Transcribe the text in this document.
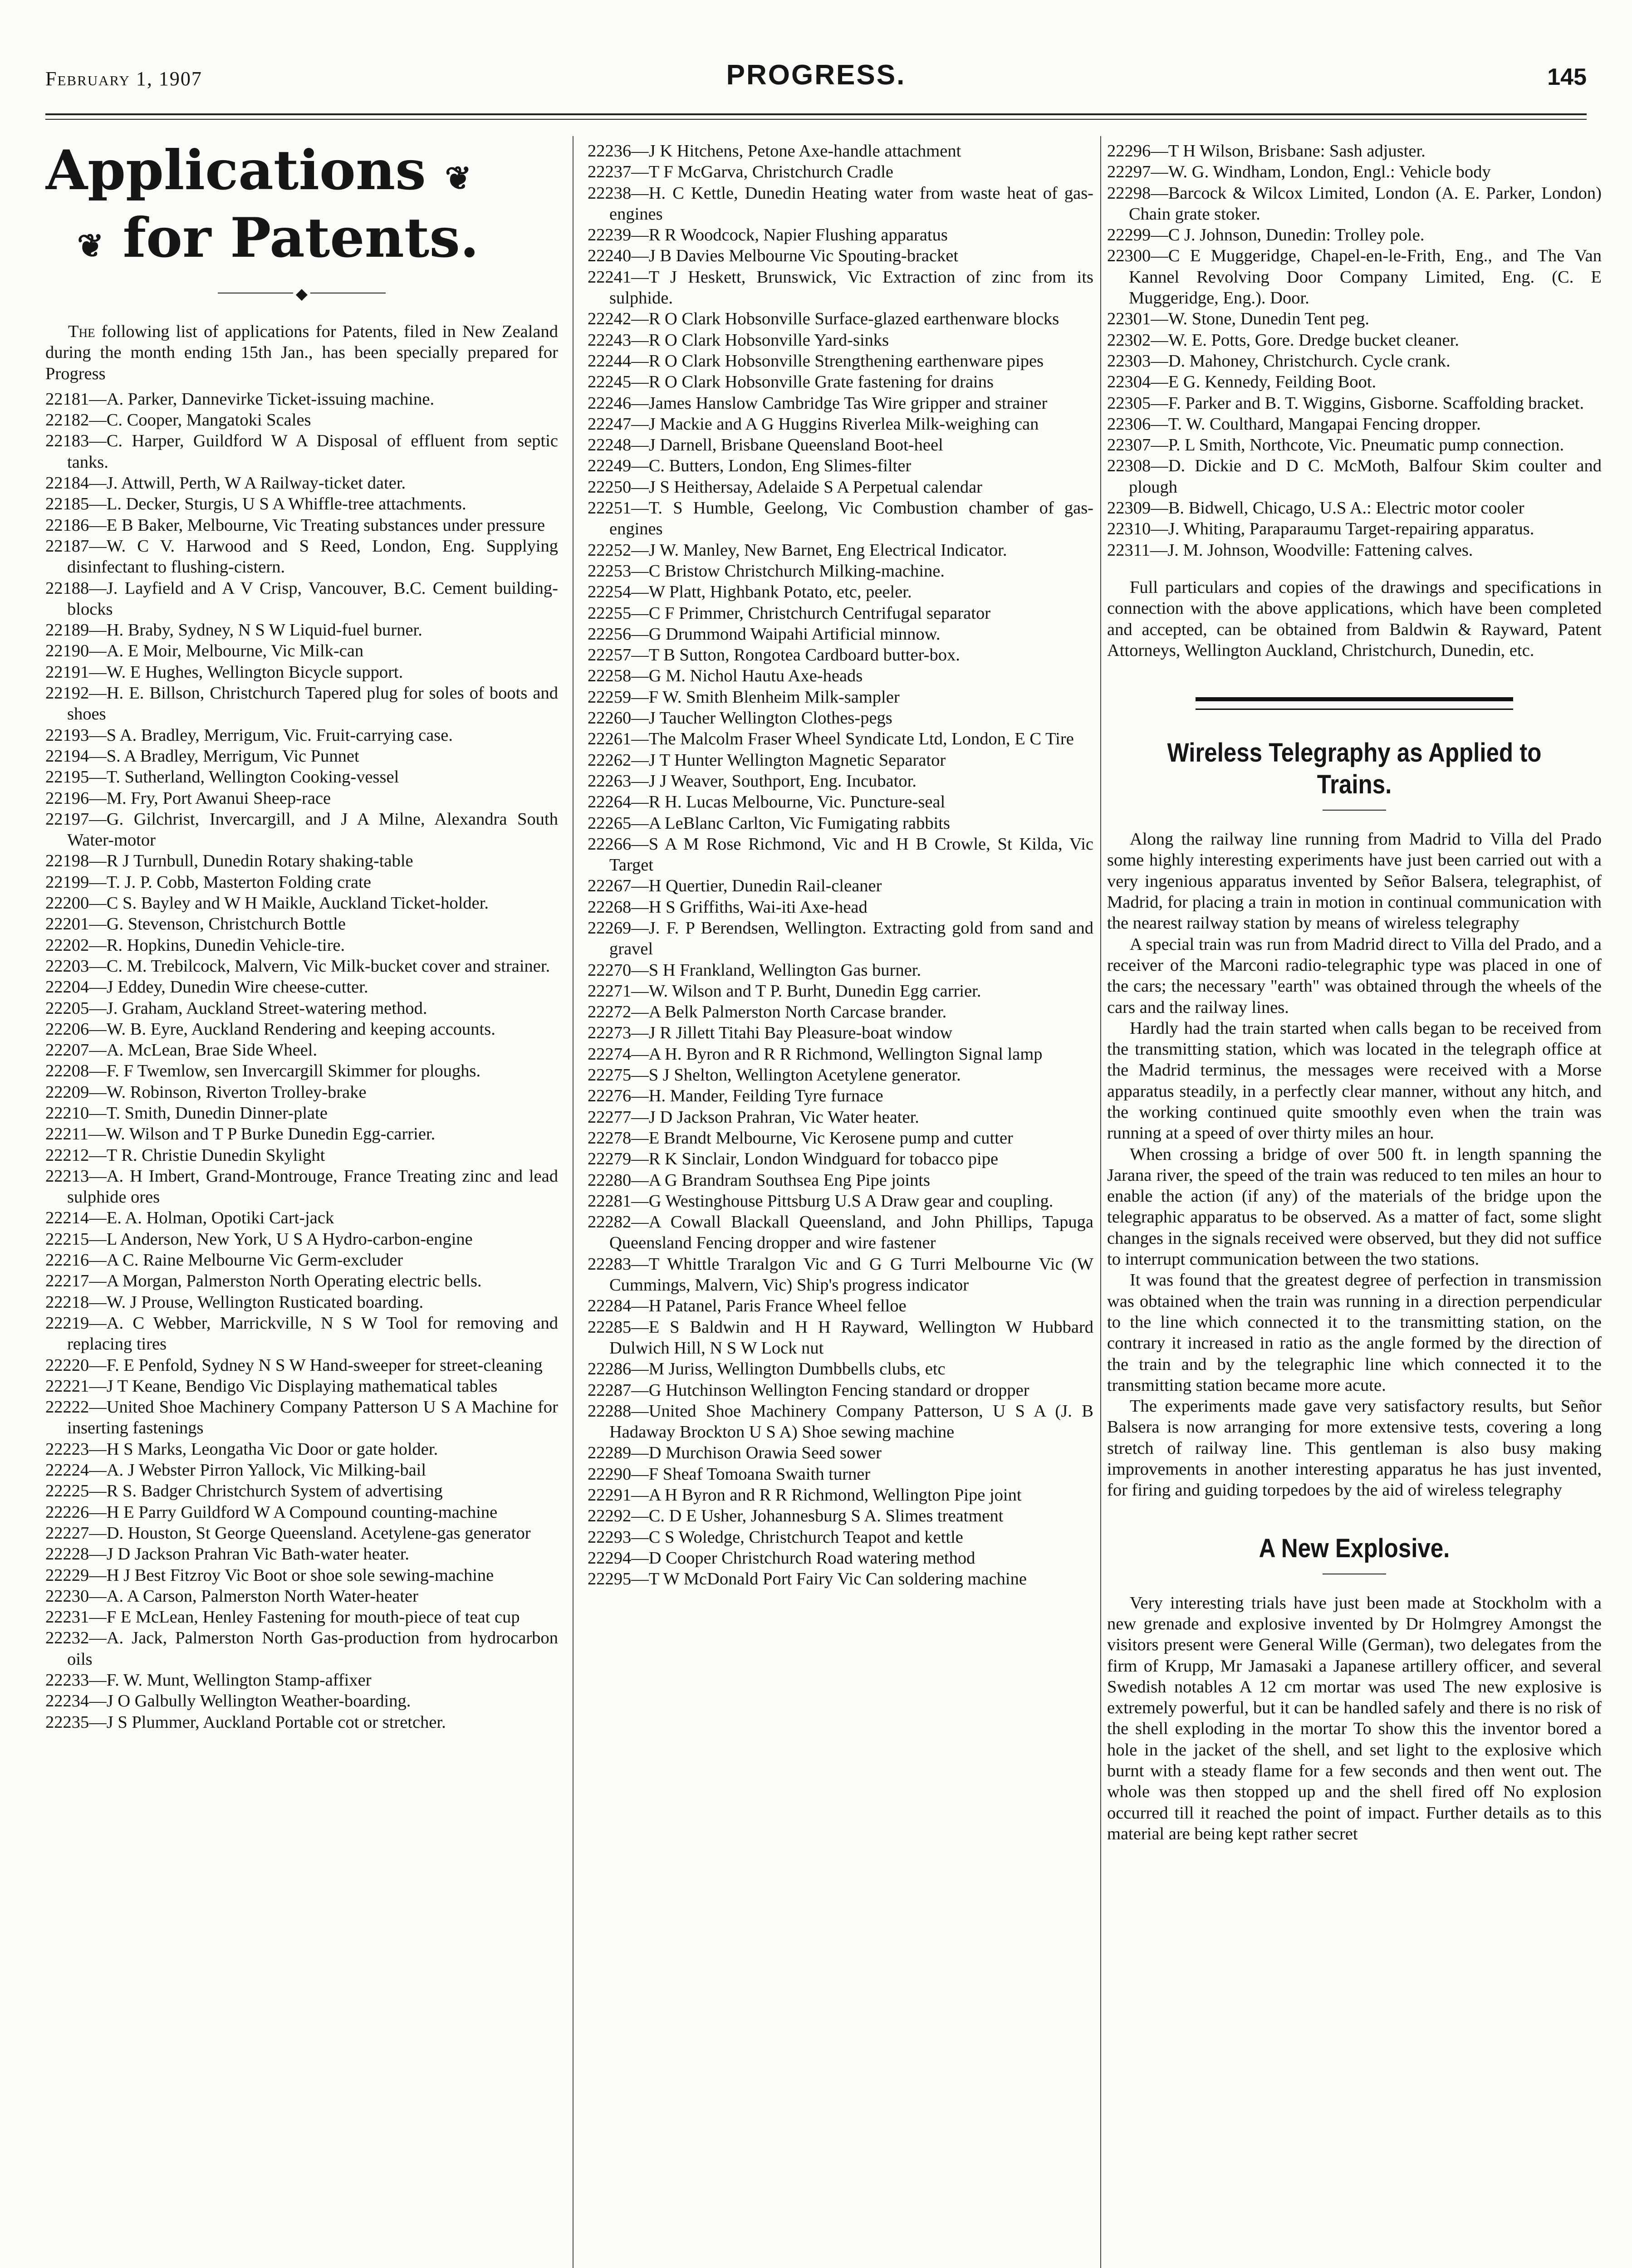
February 1, 1907	PROGRESS.	145
Applications ❦
❦ for Patents.
◆

The following list of applications for Patents, filed in New Zealand during the month ending 15th Jan., has been specially prepared for Progress

22181—A. Parker, Dannevirke Ticket-issuing machine.

22182—C. Cooper, Mangatoki Scales

22183—C. Harper, Guildford W A Disposal of effluent from septic tanks.

22184—J. Attwill, Perth, W A Railway-ticket dater.

22185—L. Decker, Sturgis, U S A Whiffle-tree attachments.

22186—E B Baker, Melbourne, Vic Treating substances under pressure

22187—W. C V. Harwood and S Reed, London, Eng. Supplying disinfectant to flushing-cistern.

22188—J. Layfield and A V Crisp, Vancouver, B.C. Cement building-blocks

22189—H. Braby, Sydney, N S W Liquid-fuel burner.

22190—A. E Moir, Melbourne, Vic Milk-can

22191—W. E Hughes, Wellington Bicycle support.

22192—H. E. Billson, Christchurch Tapered plug for soles of boots and shoes

22193—S A. Bradley, Merrigum, Vic. Fruit-carrying case.

22194—S. A Bradley, Merrigum, Vic Punnet

22195—T. Sutherland, Wellington Cooking-vessel

22196—M. Fry, Port Awanui Sheep-race

22197—G. Gilchrist, Invercargill, and J A Milne, Alexandra South Water-motor

22198—R J Turnbull, Dunedin Rotary shaking-table

22199—T. J. P. Cobb, Masterton Folding crate

22200—C S. Bayley and W H Maikle, Auckland Ticket-holder.

22201—G. Stevenson, Christchurch Bottle

22202—R. Hopkins, Dunedin Vehicle-tire.

22203—C. M. Trebilcock, Malvern, Vic Milk-bucket cover and strainer.

22204—J Eddey, Dunedin Wire cheese-cutter.

22205—J. Graham, Auckland Street-watering method.

22206—W. B. Eyre, Auckland Rendering and keeping accounts.

22207—A. McLean, Brae Side Wheel.

22208—F. F Twemlow, sen Invercargill Skimmer for ploughs.

22209—W. Robinson, Riverton Trolley-brake

22210—T. Smith, Dunedin Dinner-plate

22211—W. Wilson and T P Burke Dunedin Egg-carrier.

22212—T R. Christie Dunedin Skylight

22213—A. H Imbert, Grand-Montrouge, France Treating zinc and lead sulphide ores

22214—E. A. Holman, Opotiki Cart-jack

22215—L Anderson, New York, U S A Hydro-carbon-engine

22216—A C. Raine Melbourne Vic Germ-excluder

22217—A Morgan, Palmerston North Operating electric bells.

22218—W. J Prouse, Wellington Rusticated boarding.

22219—A. C Webber, Marrickville, N S W Tool for removing and replacing tires

22220—F. E Penfold, Sydney N S W Hand-sweeper for street-cleaning

22221—J T Keane, Bendigo Vic Displaying mathematical tables

22222—United Shoe Machinery Company Patterson U S A Machine for inserting fastenings

22223—H S Marks, Leongatha Vic Door or gate holder.

22224—A. J Webster Pirron Yallock, Vic Milking-bail

22225—R S. Badger Christchurch System of advertising

22226—H E Parry Guildford W A Compound counting-machine

22227—D. Houston, St George Queensland. Acetylene-gas generator

22228—J D Jackson Prahran Vic Bath-water heater.

22229—H J Best Fitzroy Vic Boot or shoe sole sewing-machine

22230—A. A Carson, Palmerston North Water-heater

22231—F E McLean, Henley Fastening for mouth-piece of teat cup

22232—A. Jack, Palmerston North Gas-production from hydrocarbon oils

22233—F. W. Munt, Wellington Stamp-affixer

22234—J O Galbully Wellington Weather-boarding.

22235—J S Plummer, Auckland Portable cot or stretcher.

22236—J K Hitchens, Petone Axe-handle attachment

22237—T F McGarva, Christchurch Cradle

22238—H. C Kettle, Dunedin Heating water from waste heat of gas-engines

22239—R R Woodcock, Napier Flushing apparatus

22240—J B Davies Melbourne Vic Spouting-bracket

22241—T J Heskett, Brunswick, Vic Extraction of zinc from its sulphide.

22242—R O Clark Hobsonville Surface-glazed earthenware blocks

22243—R O Clark Hobsonville Yard-sinks

22244—R O Clark Hobsonville Strengthening earthenware pipes

22245—R O Clark Hobsonville Grate fastening for drains

22246—James Hanslow Cambridge Tas Wire gripper and strainer

22247—J Mackie and A G Huggins Riverlea Milk-weighing can

22248—J Darnell, Brisbane Queensland Boot-heel

22249—C. Butters, London, Eng Slimes-filter

22250—J S Heithersay, Adelaide S A Perpetual calendar

22251—T. S Humble, Geelong, Vic Combustion chamber of gas-engines

22252—J W. Manley, New Barnet, Eng Electrical Indicator.

22253—C Bristow Christchurch Milking-machine.

22254—W Platt, Highbank Potato, etc, peeler.

22255—C F Primmer, Christchurch Centrifugal separator

22256—G Drummond Waipahi Artificial minnow.

22257—T B Sutton, Rongotea Cardboard butter-box.

22258—G M. Nichol Hautu Axe-heads

22259—F W. Smith Blenheim Milk-sampler

22260—J Taucher Wellington Clothes-pegs

22261—The Malcolm Fraser Wheel Syndicate Ltd, London, E C Tire

22262—J T Hunter Wellington Magnetic Separator

22263—J J Weaver, Southport, Eng. Incubator.

22264—R H. Lucas Melbourne, Vic. Puncture-seal

22265—A LeBlanc Carlton, Vic Fumigating rabbits

22266—S A M Rose Richmond, Vic and H B Crowle, St Kilda, Vic Target

22267—H Quertier, Dunedin Rail-cleaner

22268—H S Griffiths, Wai-iti Axe-head

22269—J. F. P Berendsen, Wellington. Extracting gold from sand and gravel

22270—S H Frankland, Wellington Gas burner.

22271—W. Wilson and T P. Burht, Dunedin Egg carrier.

22272—A Belk Palmerston North Carcase brander.

22273—J R Jillett Titahi Bay Pleasure-boat window

22274—A H. Byron and R R Richmond, Wellington Signal lamp

22275—S J Shelton, Wellington Acetylene generator.

22276—H. Mander, Feilding Tyre furnace

22277—J D Jackson Prahran, Vic Water heater.

22278—E Brandt Melbourne, Vic Kerosene pump and cutter

22279—R K Sinclair, London Windguard for tobacco pipe

22280—A G Brandram Southsea Eng Pipe joints

22281—G Westinghouse Pittsburg U.S A Draw gear and coupling.

22282—A Cowall Blackall Queensland, and John Phillips, Tapuga Queensland Fencing dropper and wire fastener

22283—T Whittle Traralgon Vic and G G Turri Melbourne Vic (W Cummings, Malvern, Vic) Ship's progress indicator

22284—H Patanel, Paris France Wheel felloe

22285—E S Baldwin and H H Rayward, Wellington W Hubbard Dulwich Hill, N S W Lock nut

22286—M Juriss, Wellington Dumbbells clubs, etc

22287—G Hutchinson Wellington Fencing standard or dropper

22288—United Shoe Machinery Company Patterson, U S A (J. B Hadaway Brockton U S A) Shoe sewing machine

22289—D Murchison Orawia Seed sower

22290—F Sheaf Tomoana Swaith turner

22291—A H Byron and R R Richmond, Wellington Pipe joint

22292—C. D E Usher, Johannesburg S A. Slimes treatment

22293—C S Woledge, Christchurch Teapot and kettle

22294—D Cooper Christchurch Road watering method

22295—T W McDonald Port Fairy Vic Can soldering machine

22296—T H Wilson, Brisbane: Sash adjuster.

22297—W. G. Windham, London, Engl.: Vehicle body

22298—Barcock & Wilcox Limited, London (A. E. Parker, London) Chain grate stoker.

22299—C J. Johnson, Dunedin: Trolley pole.

22300—C E Muggeridge, Chapel-en-le-Frith, Eng., and The Van Kannel Revolving Door Company Limited, Eng. (C. E Muggeridge, Eng.). Door.

22301—W. Stone, Dunedin Tent peg.

22302—W. E. Potts, Gore. Dredge bucket cleaner.

22303—D. Mahoney, Christchurch. Cycle crank.

22304—E G. Kennedy, Feilding Boot.

22305—F. Parker and B. T. Wiggins, Gisborne. Scaffolding bracket.

22306—T. W. Coulthard, Mangapai Fencing dropper.

22307—P. L Smith, Northcote, Vic. Pneumatic pump connection.

22308—D. Dickie and D C. McMoth, Balfour Skim coulter and plough

22309—B. Bidwell, Chicago, U.S A.: Electric motor cooler

22310—J. Whiting, Paraparaumu Target-repairing apparatus.

22311—J. M. Johnson, Woodville: Fattening calves.

Full particulars and copies of the drawings and specifications in connection with the above applications, which have been completed and accepted, can be obtained from Baldwin & Rayward, Patent Attorneys, Wellington Auckland, Christchurch, Dunedin, etc.

Wireless Telegraphy as Applied to Trains.

Along the railway line running from Madrid to Villa del Prado some highly interesting experiments have just been carried out with a very ingenious apparatus invented by Señor Balsera, telegraphist, of Madrid, for placing a train in motion in continual communication with the nearest railway station by means of wireless telegraphy

A special train was run from Madrid direct to Villa del Prado, and a receiver of the Marconi radio-telegraphic type was placed in one of the cars; the necessary "earth" was obtained through the wheels of the cars and the railway lines.

Hardly had the train started when calls began to be received from the transmitting station, which was located in the telegraph office at the Madrid terminus, the messages were received with a Morse apparatus steadily, in a perfectly clear manner, without any hitch, and the working continued quite smoothly even when the train was running at a speed of over thirty miles an hour.

When crossing a bridge of over 500 ft. in length spanning the Jarana river, the speed of the train was reduced to ten miles an hour to enable the action (if any) of the materials of the bridge upon the telegraphic apparatus to be observed. As a matter of fact, some slight changes in the signals received were observed, but they did not suffice to interrupt communication between the two stations.

It was found that the greatest degree of perfection in transmission was obtained when the train was running in a direction perpendicular to the line which connected it to the transmitting station, on the contrary it increased in ratio as the angle formed by the direction of the train and by the telegraphic line which connected it to the transmitting station became more acute.

The experiments made gave very satisfactory results, but Señor Balsera is now arranging for more extensive tests, covering a long stretch of railway line. This gentleman is also busy making improvements in another interesting apparatus he has just invented, for firing and guiding torpedoes by the aid of wireless telegraphy

A New Explosive.

Very interesting trials have just been made at Stockholm with a new grenade and explosive invented by Dr Holmgrey Amongst the visitors present were General Wille (German), two delegates from the firm of Krupp, Mr Jamasaki a Japanese artillery officer, and several Swedish notables A 12 cm mortar was used The new explosive is extremely powerful, but it can be handled safely and there is no risk of the shell exploding in the mortar To show this the inventor bored a hole in the jacket of the shell, and set light to the explosive which burnt with a steady flame for a few seconds and then went out. The whole was then stopped up and the shell fired off No explosion occurred till it reached the point of impact. Further details as to this material are being kept rather secret
